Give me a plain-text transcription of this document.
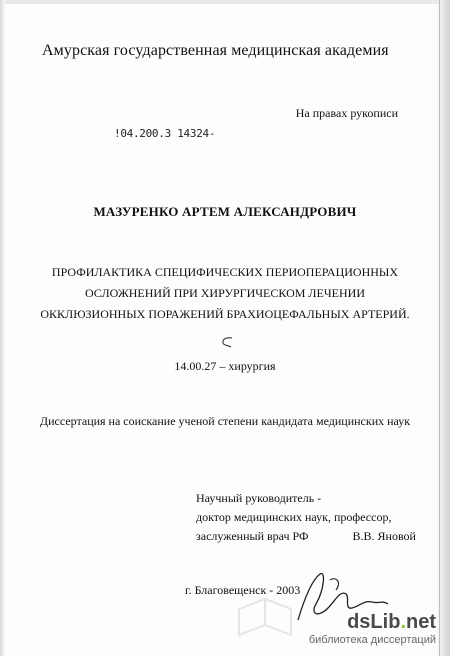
Амурская государственная медицинская академия
На правах рукописи
!04.200.3 14324-
МАЗУРЕНКО АРТЕМ АЛЕКСАНДРОВИЧ
ПРОФИЛАКТИКА СПЕЦИФИЧЕСКИХ ПЕРИОПЕРАЦИОННЫХ
ОСЛОЖНЕНИЙ ПРИ ХИРУРГИЧЕСКОМ ЛЕЧЕНИИ
ОККЛЮЗИОННЫХ ПОРАЖЕНИЙ БРАХИОЦЕФАЛЬНЫХ АРТЕРИЙ.
14.00.27 – хирургия
Диссертация на соискание ученой степени кандидата медицинских наук
Научный руководитель -
доктор медицинских наук, профессор,
заслуженный врач РФ	В.В. Яновой
г. Благовещенск - 2003
dsLib.net
библиотека диссертаций
